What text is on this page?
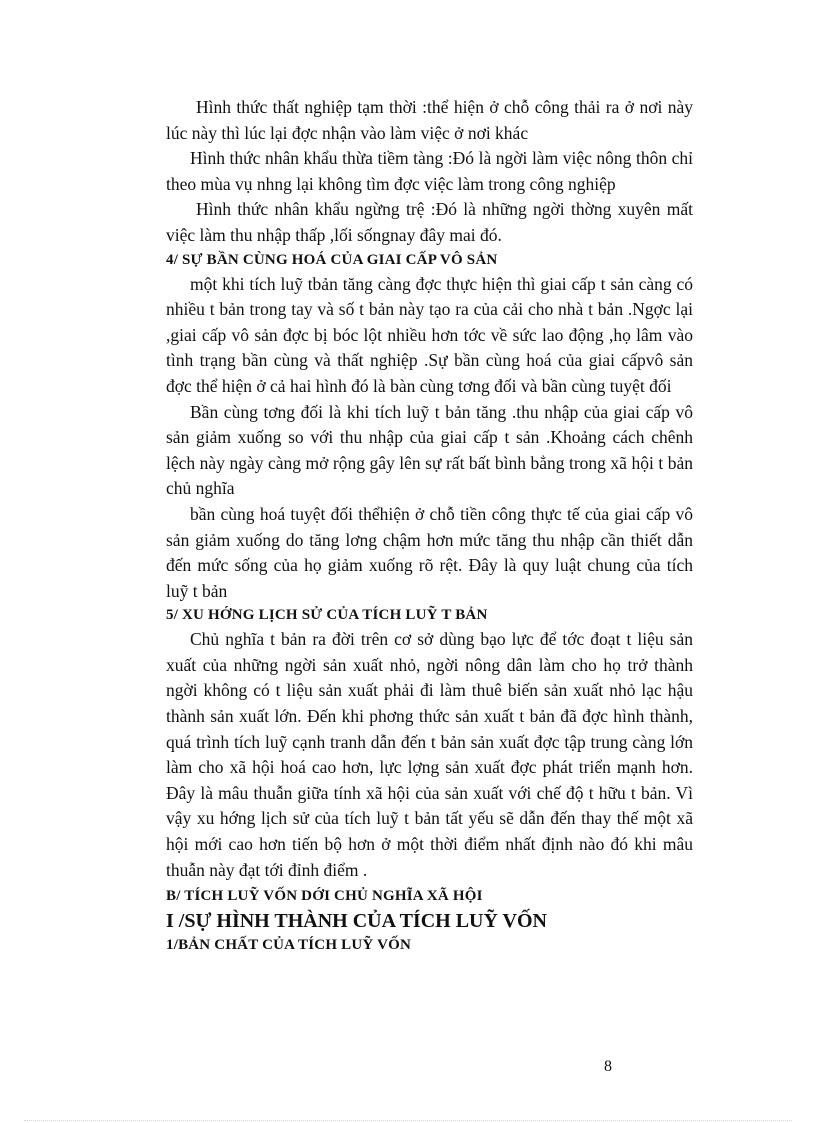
Hình thức thất nghiệp tạm thời :thể hiện ở chỗ công thải ra ở nơi này lúc này thì lúc lại đợc nhận vào làm việc ở nơi khác

Hình thức nhân khẩu thừa tiềm tàng :Đó là ngời làm việc nông thôn chỉ theo mùa vụ nhng lại không tìm đợc việc làm trong công nghiệp

Hình thức nhân khẩu ngừng trệ :Đó là những ngời thờng xuyên mất việc làm thu nhập thấp ,lối sốngnay đây mai đó.

4/ SỰ BẦN CÙNG HOÁ CỦA GIAI CẤP VÔ SẢN

một khi tích luỹ tbản tăng càng đợc thực hiện thì giai cấp t sản càng có nhiều t bản trong tay và số t bản này tạo ra của cải cho nhà t bản .Ngợc lại ,giai cấp vô sản đợc bị bóc lột nhiều hơn tớc về sức lao động ,họ lâm vào tình trạng bần cùng và thất nghiệp .Sự bần cùng hoá của giai cấpvô sản đợc thể hiện ở cả hai hình đó là bàn cùng tơng đối và bần cùng tuyệt đối

Bần cùng tơng đối là khi tích luỹ t bản tăng .thu nhập của giai cấp vô sản giảm xuống so với thu nhập của giai cấp t sản .Khoảng cách chênh lệch này ngày càng mở rộng gây lên sự rất bất bình bẳng trong xã hội t bản chủ nghĩa

bần cùng hoá tuyệt đối thểhiện ở chỗ tiền công thực tế của giai cấp vô sản giảm xuống do tăng lơng chậm hơn mức tăng thu nhập cần thiết dẫn đến mức sống của họ giảm xuống rõ rệt. Đây là quy luật chung của tích luỹ t bản

5/ XU HỚNG LỊCH SỬ CỦA TÍCH LUỸ T BẢN

Chủ nghĩa t bản ra đời trên cơ sở dùng bạo lực để tớc đoạt t liệu sản xuất của những ngời sản xuất nhỏ, ngời nông dân làm cho họ trở thành ngời không có t liệu sản xuất phải đi làm thuê biến sản xuất nhỏ lạc hậu thành sản xuất lớn. Đến khi phơng thức sản xuất t bản đã đợc hình thành, quá trình tích luỹ cạnh tranh dẫn đến t bản sản xuất đợc tập trung càng lớn làm cho xã hội hoá cao hơn, lực lợng sản xuất đợc phát triển mạnh hơn. Đây là mâu thuẫn giữa tính xã hội của sản xuất với chế độ t hữu t bản. Vì vậy xu hớng lịch sử của tích luỹ t bản tất yếu sẽ dẫn đến thay thế một xã hội mới cao hơn tiến bộ hơn ở một thời điểm nhất định nào đó khi mâu thuẫn này đạt tới đỉnh điểm .

B/ TÍCH LUỸ VỐN DỚI CHỦ NGHĨA XÃ HỘI

I /SỰ HÌNH THÀNH CỦA TÍCH LUỸ VỐN

1/BẢN CHẤT CỦA TÍCH LUỸ VỐN

8
